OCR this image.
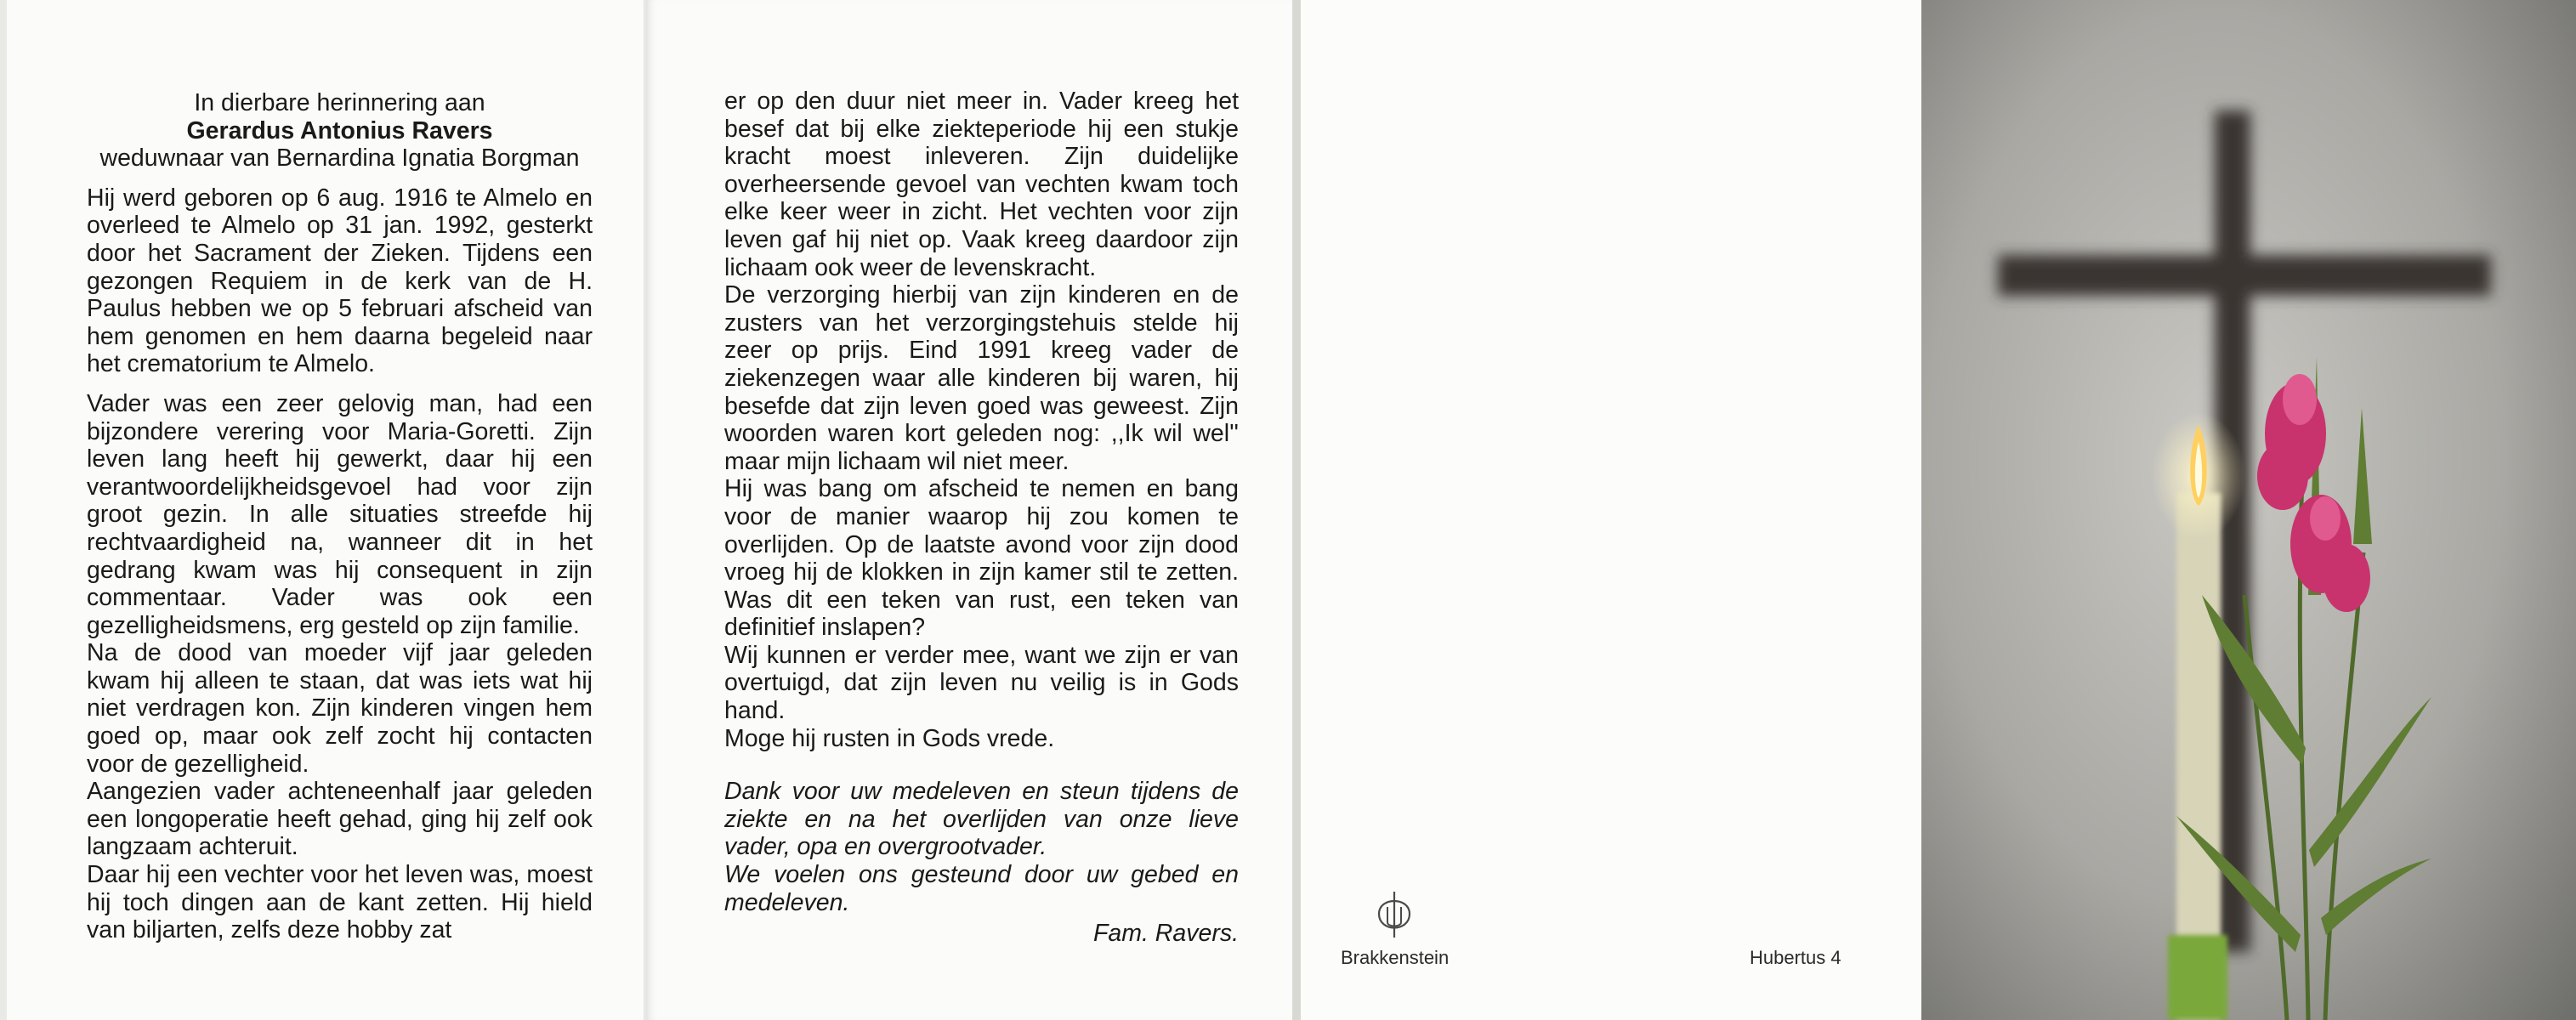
In dierbare herinnering aan
Gerardus Antonius Ravers
weduwnaar van Bernardina Ignatia Borgman
Hij werd geboren op 6 aug. 1916 te Almelo en overleed te Almelo op 31 jan. 1992, gesterkt door het Sacrament der Zieken. Tijdens een gezongen Requiem in de kerk van de H. Paulus hebben we op 5 februari afscheid van hem genomen en hem daarna begeleid naar het crematorium te Almelo.
Vader was een zeer gelovig man, had een bijzondere verering voor Maria-Goretti. Zijn leven lang heeft hij gewerkt, daar hij een verantwoordelijkheidsgevoel had voor zijn groot gezin. In alle situaties streefde hij rechtvaardigheid na, wanneer dit in het gedrang kwam was hij consequent in zijn commentaar. Vader was ook een gezelligheidsmens, erg gesteld op zijn familie.
Na de dood van moeder vijf jaar geleden kwam hij alleen te staan, dat was iets wat hij niet verdragen kon. Zijn kinderen vingen hem goed op, maar ook zelf zocht hij contacten voor de gezelligheid.
Aangezien vader achteneenhalf jaar geleden een longoperatie heeft gehad, ging hij zelf ook langzaam achteruit.
Daar hij een vechter voor het leven was, moest hij toch dingen aan de kant zetten. Hij hield van biljarten, zelfs deze hobby zat
er op den duur niet meer in. Vader kreeg het besef dat bij elke ziekteperiode hij een stukje kracht moest inleveren. Zijn duidelijke overheersende gevoel van vechten kwam toch elke keer weer in zicht. Het vechten voor zijn leven gaf hij niet op. Vaak kreeg daardoor zijn lichaam ook weer de levenskracht.
De verzorging hierbij van zijn kinderen en de zusters van het verzorgingstehuis stelde hij zeer op prijs. Eind 1991 kreeg vader de ziekenzegen waar alle kinderen bij waren, hij besefde dat zijn leven goed was geweest. Zijn woorden waren kort geleden nog: ,,Ik wil wel'' maar mijn lichaam wil niet meer.
Hij was bang om afscheid te nemen en bang voor de manier waarop hij zou komen te overlijden. Op de laatste avond voor zijn dood vroeg hij de klokken in zijn kamer stil te zetten. Was dit een teken van rust, een teken van definitief inslapen?
Wij kunnen er verder mee, want we zijn er van overtuigd, dat zijn leven nu veilig is in Gods hand.
Moge hij rusten in Gods vrede.
Dank voor uw medeleven en steun tijdens de ziekte en na het overlijden van onze lieve vader, opa en overgrootvader.
We voelen ons gesteund door uw gebed en medeleven.
Fam. Ravers.
Brakkenstein	Hubertus 4
